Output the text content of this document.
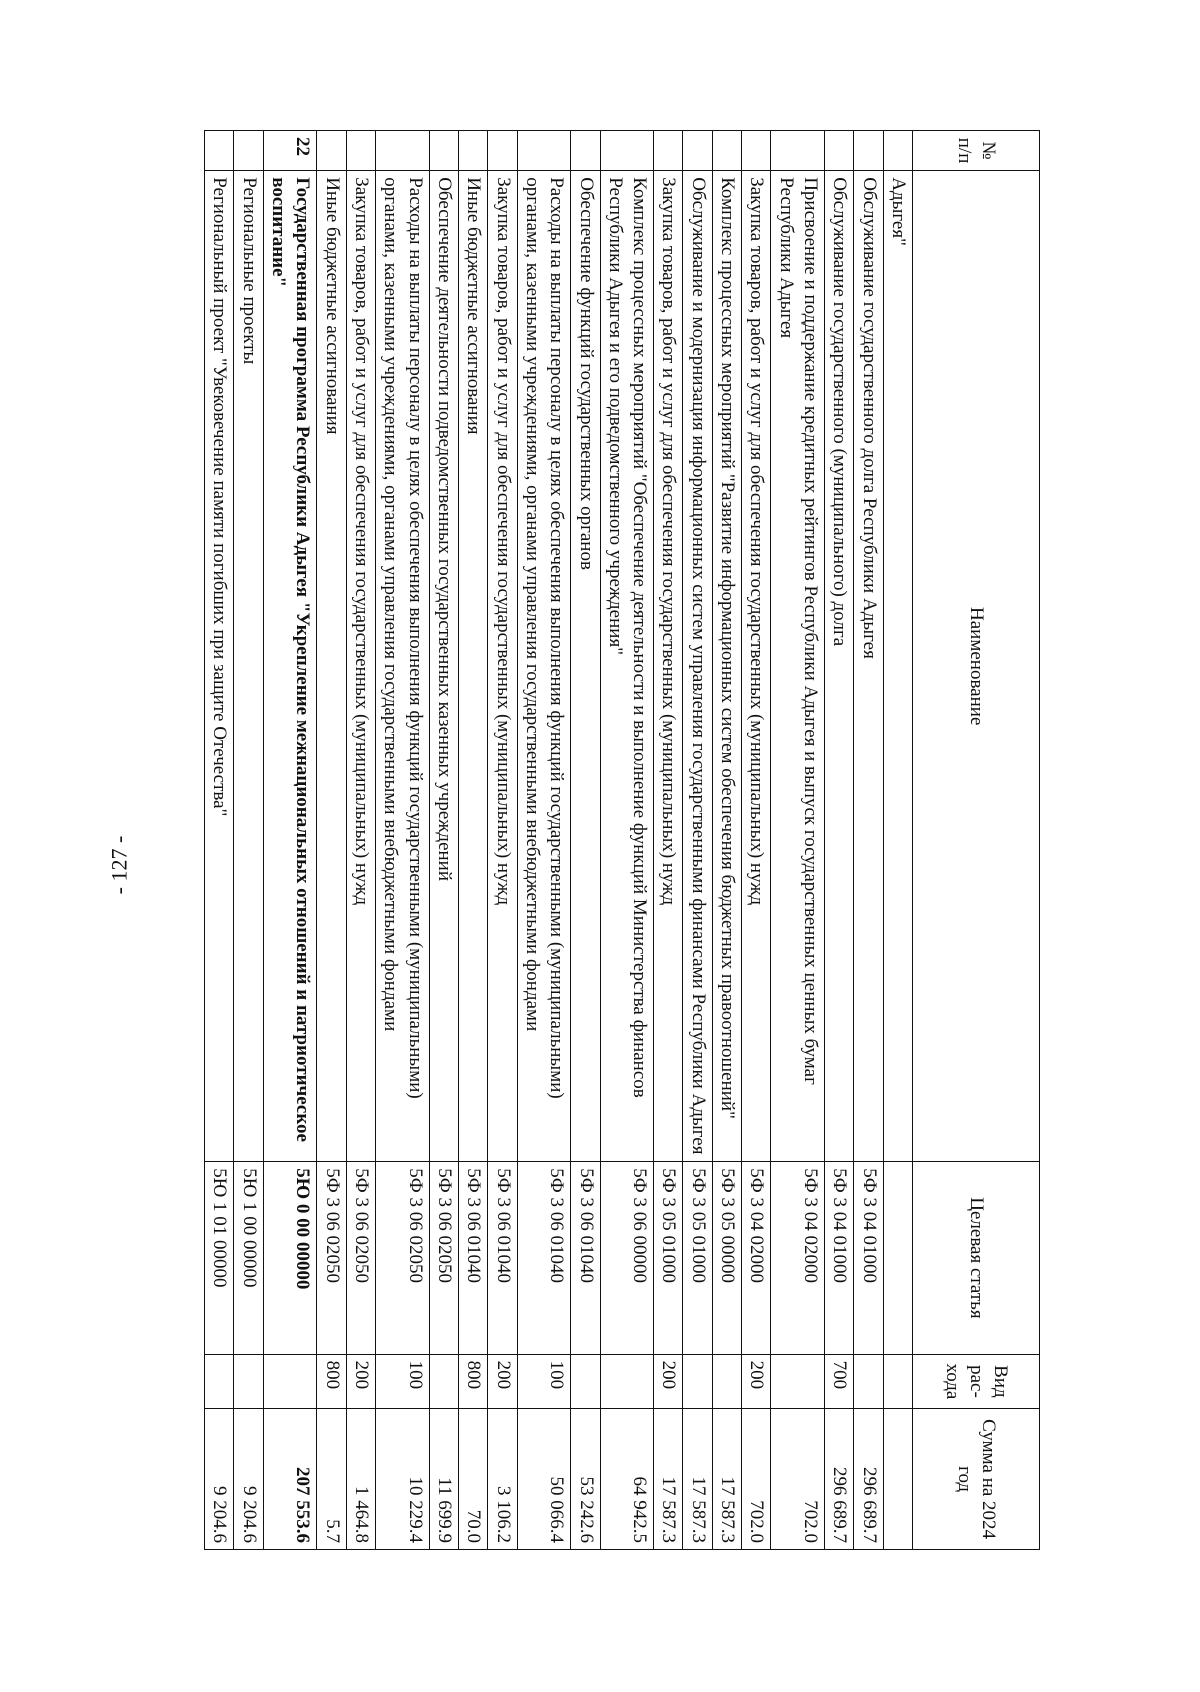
- 127 -
№ п/п	Наименование	Целевая статья	Вид рас-хода	Сумма на 2024 год
	Адыгея"			
	Обслуживание государственного долга Республики Адыгея	5Ф 3 04 01000		296 689.7
	Обслуживание государственного (муниципального) долга	5Ф 3 04 01000	700	296 689.7
	Присвоение и поддержание кредитных рейтингов Республики Адыгея и выпуск государственных ценных бумаг Республики Адыгея	5Ф 3 04 02000		702.0
	Закупка товаров, работ и услуг для обеспечения государственных (муниципальных) нужд	5Ф 3 04 02000	200	702.0
	Комплекс процессных мероприятий "Развитие информационных систем обеспечения бюджетных правоотношений"	5Ф 3 05 00000		17 587.3
	Обслуживание и модернизация информационных систем управления государственными финансами Республики Адыгея	5Ф 3 05 01000		17 587.3
	Закупка товаров, работ и услуг для обеспечения государственных (муниципальных) нужд	5Ф 3 05 01000	200	17 587.3
	Комплекс процессных мероприятий "Обеспечение деятельности и выполнение функций Министерства финансов Республики Адыгея и его подведомственного учреждения"	5Ф 3 06 00000		64 942.5
	Обеспечение функций государственных органов	5Ф 3 06 01040		53 242.6
	Расходы на выплаты персоналу в целях обеспечения выполнения функций государственными (муниципальными) органами, казенными учреждениями, органами управления государственными внебюджетными фондами	5Ф 3 06 01040	100	50 066.4
	Закупка товаров, работ и услуг для обеспечения государственных (муниципальных) нужд	5Ф 3 06 01040	200	3 106.2
	Иные бюджетные ассигнования	5Ф 3 06 01040	800	70.0
	Обеспечение деятельности подведомственных государственных казенных учреждений	5Ф 3 06 02050		11 699.9
	Расходы на выплаты персоналу в целях обеспечения выполнения функций государственными (муниципальными) органами, казенными учреждениями, органами управления государственными внебюджетными фондами	5Ф 3 06 02050	100	10 229.4
	Закупка товаров, работ и услуг для обеспечения государственных (муниципальных) нужд	5Ф 3 06 02050	200	1 464.8
	Иные бюджетные ассигнования	5Ф 3 06 02050	800	5.7
22	Государственная программа Республики Адыгея "Укрепление межнациональных отношений и патриотическое воспитание"	5Ю 0 00 00000		207 553.6
	Региональные проекты	5Ю 1 00 00000		9 204.6
	Региональный проект "Увековечение памяти погибших при защите Отечества"	5Ю 1 01 00000		9 204.6
